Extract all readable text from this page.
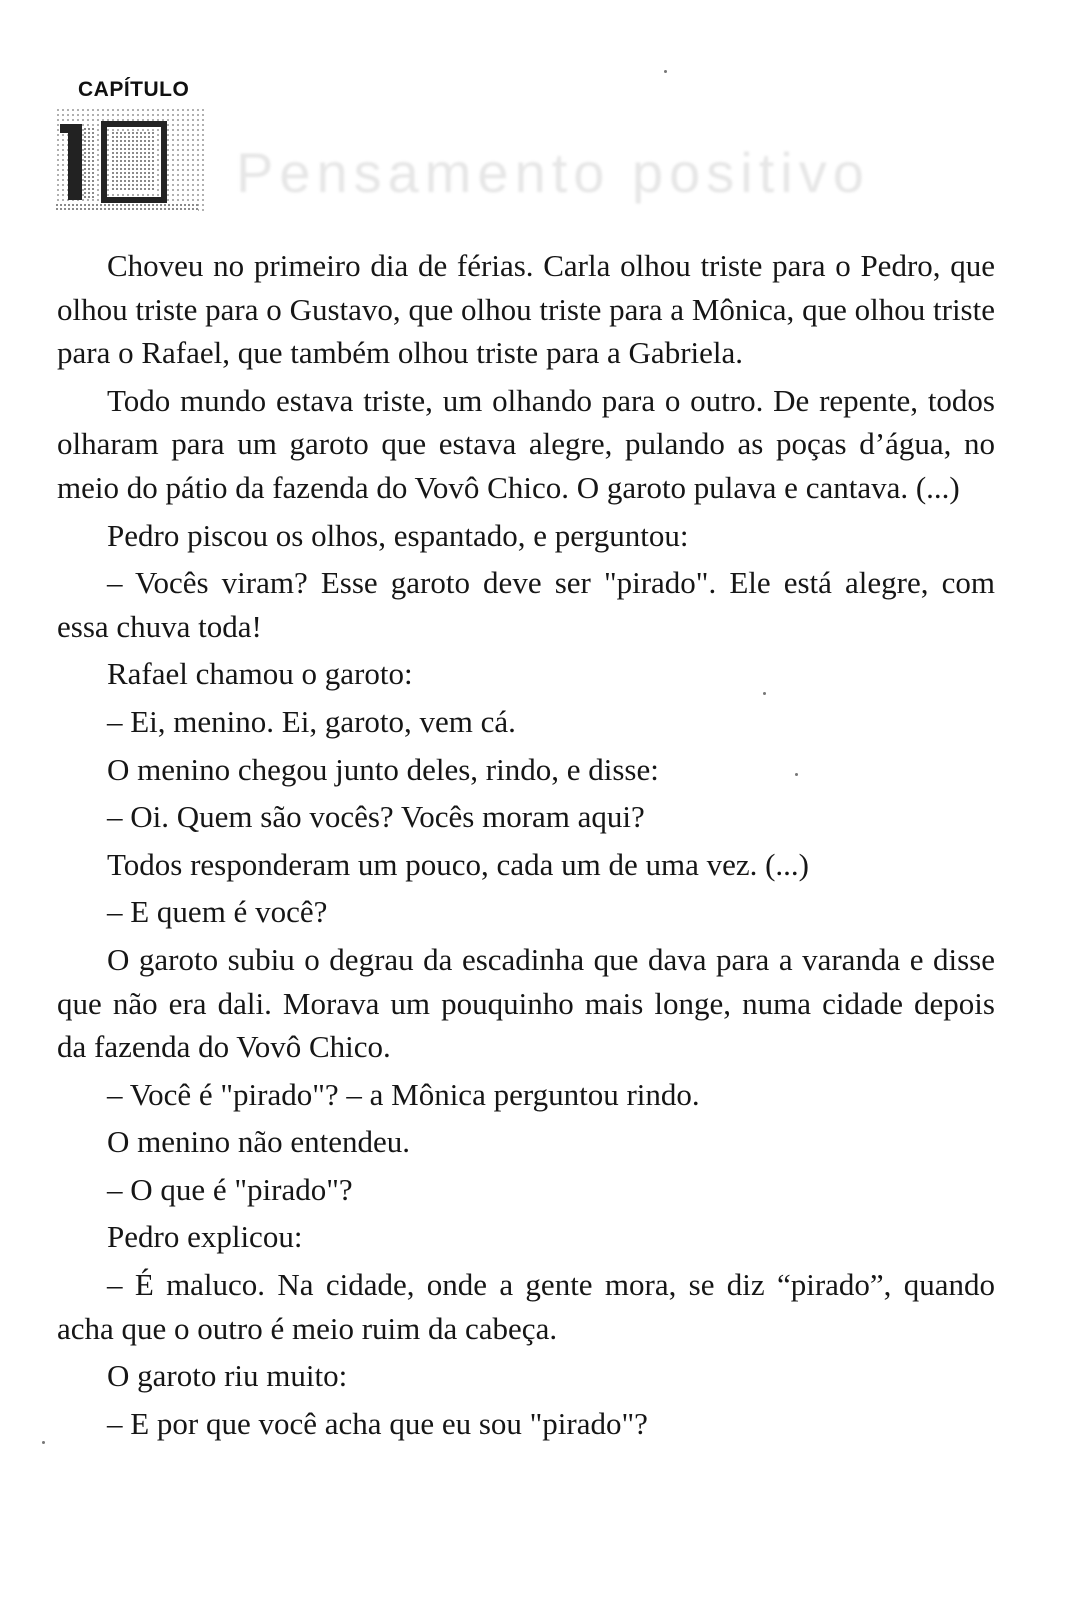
CAPÍTULO
Pensamento positivo

Choveu no primeiro dia de férias. Carla olhou triste para o Pedro, que olhou triste para o Gustavo, que olhou triste para a Mônica, que olhou triste para o Rafael, que também olhou triste para a Gabriela.

Todo mundo estava triste, um olhando para o outro. De repente, todos olharam para um garoto que estava alegre, pulando as poças d’água, no meio do pátio da fazenda do Vovô Chico. O garoto pulava e cantava. (...)

Pedro piscou os olhos, espantado, e perguntou:

– Vocês viram? Esse garoto deve ser "pirado". Ele está alegre, com essa chuva toda!

Rafael chamou o garoto:

– Ei, menino. Ei, garoto, vem cá.

O menino chegou junto deles, rindo, e disse:

– Oi. Quem são vocês? Vocês moram aqui?

Todos responderam um pouco, cada um de uma vez. (...)

– E quem é você?

O garoto subiu o degrau da escadinha que dava para a varanda e disse que não era dali. Morava um pouquinho mais longe, numa cidade depois da fazenda do Vovô Chico.

– Você é "pirado"? – a Mônica perguntou rindo.

O menino não entendeu.

– O que é "pirado"?

Pedro explicou:

– É maluco. Na cidade, onde a gente mora, se diz “pirado”, quando acha que o outro é meio ruim da cabeça.

O garoto riu muito:

– E por que você acha que eu sou "pirado"?
